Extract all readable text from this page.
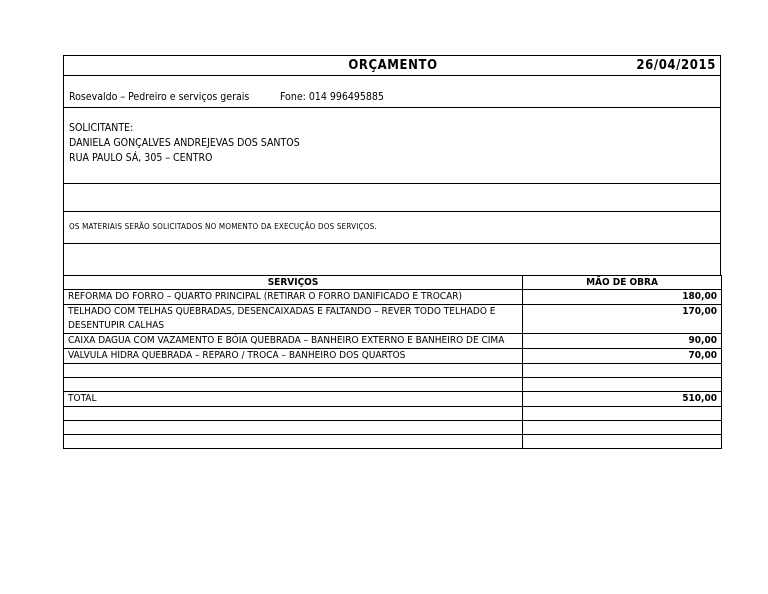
ORÇAMENTO	26/04/2015
Rosevaldo – Pedreiro e serviços gerais	Fone: 014 996495885
SOLICITANTE:
DANIELA GONÇALVES ANDREJEVAS DOS SANTOS
RUA PAULO SÁ, 305 – CENTRO
OS MATERIAIS SERÃO SOLICITADOS NO MOMENTO DA EXECUÇÃO DOS SERVIÇOS.
SERVIÇOS	MÃO DE OBRA
REFORMA DO FORRO – QUARTO PRINCIPAL (RETIRAR O FORRO DANIFICADO E TROCAR)	180,00
TELHADO COM TELHAS QUEBRADAS, DESENCAIXADAS E FALTANDO – REVER TODO TELHADO E DESENTUPIR CALHAS	170,00
CAIXA DAGUA COM VAZAMENTO E BÓIA QUEBRADA – BANHEIRO EXTERNO E BANHEIRO DE CIMA	90,00
VALVULA HIDRA QUEBRADA – REPARO / TROCA – BANHEIRO DOS QUARTOS	70,00

TOTAL	510,00
